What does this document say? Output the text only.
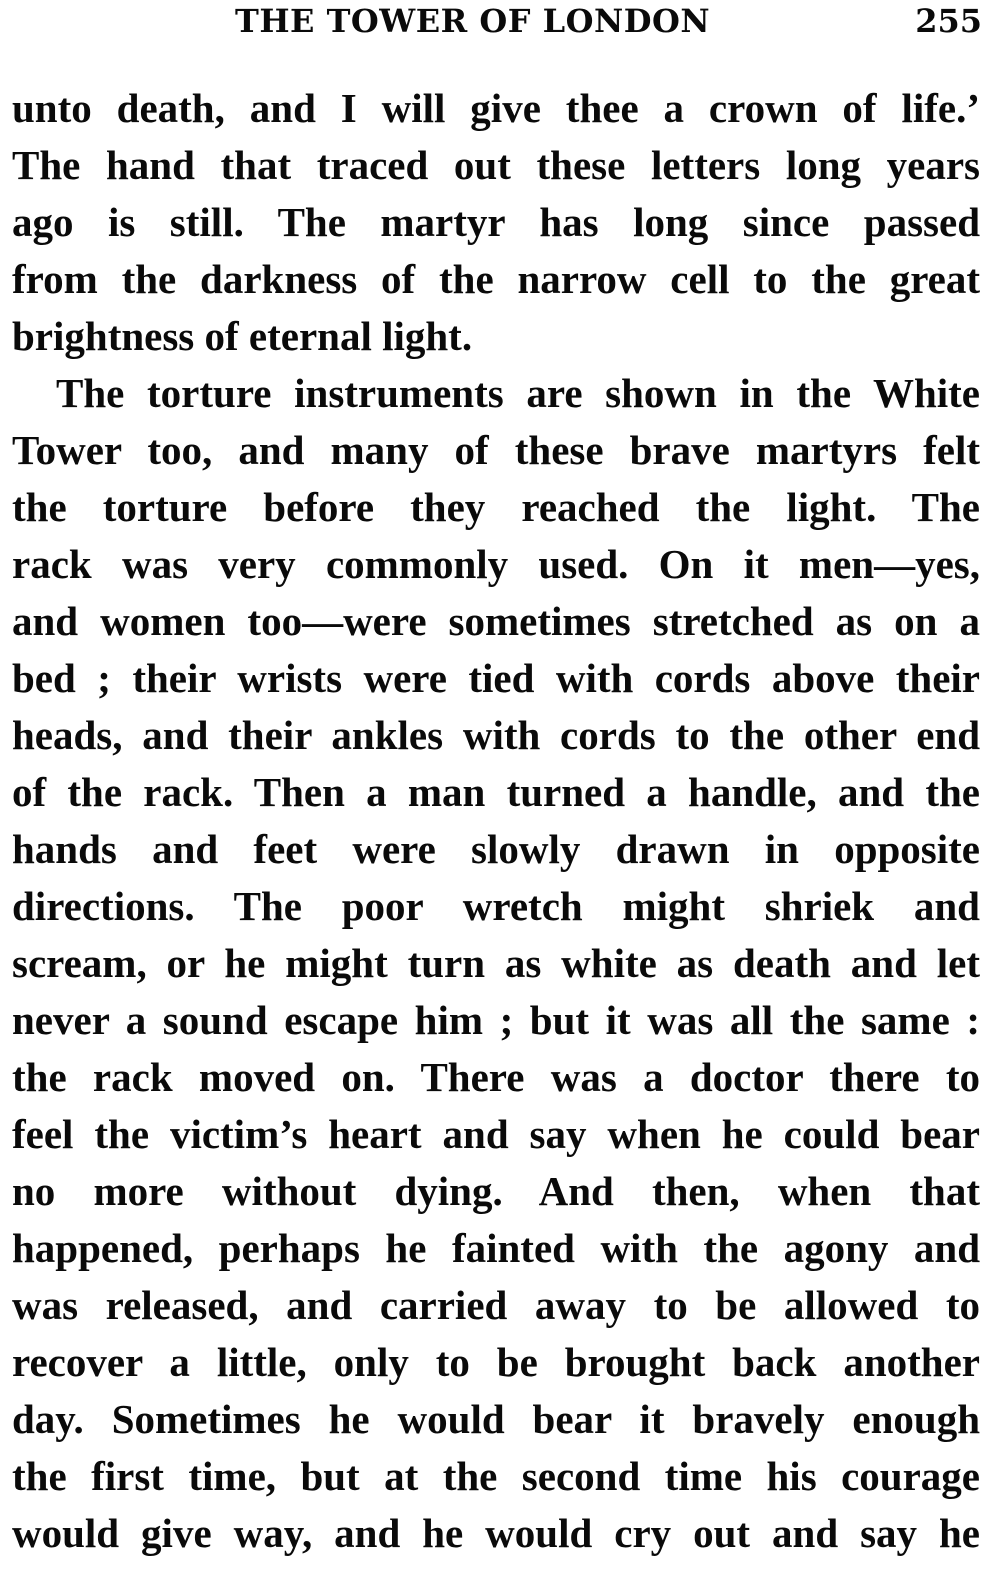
THE TOWER OF LONDON	255
unto death, and I will give thee a crown of life.’
The hand that traced out these letters long years
ago is still. The martyr has long since passed
from the darkness of the narrow cell to the great
brightness of eternal light.
The torture instruments are shown in the White
Tower too, and many of these brave martyrs felt
the torture before they reached the light. The
rack was very commonly used. On it men—yes,
and women too—were sometimes stretched as on a
bed ; their wrists were tied with cords above their
heads, and their ankles with cords to the other end
of the rack. Then a man turned a handle, and the
hands and feet were slowly drawn in opposite
directions. The poor wretch might shriek and
scream, or he might turn as white as death and let
never a sound escape him ; but it was all the same :
the rack moved on. There was a doctor there to
feel the victim’s heart and say when he could bear
no more without dying. And then, when that
happened, perhaps he fainted with the agony and
was released, and carried away to be allowed to
recover a little, only to be brought back another
day. Sometimes he would bear it bravely enough
the first time, but at the second time his courage
would give way, and he would cry out and say he
